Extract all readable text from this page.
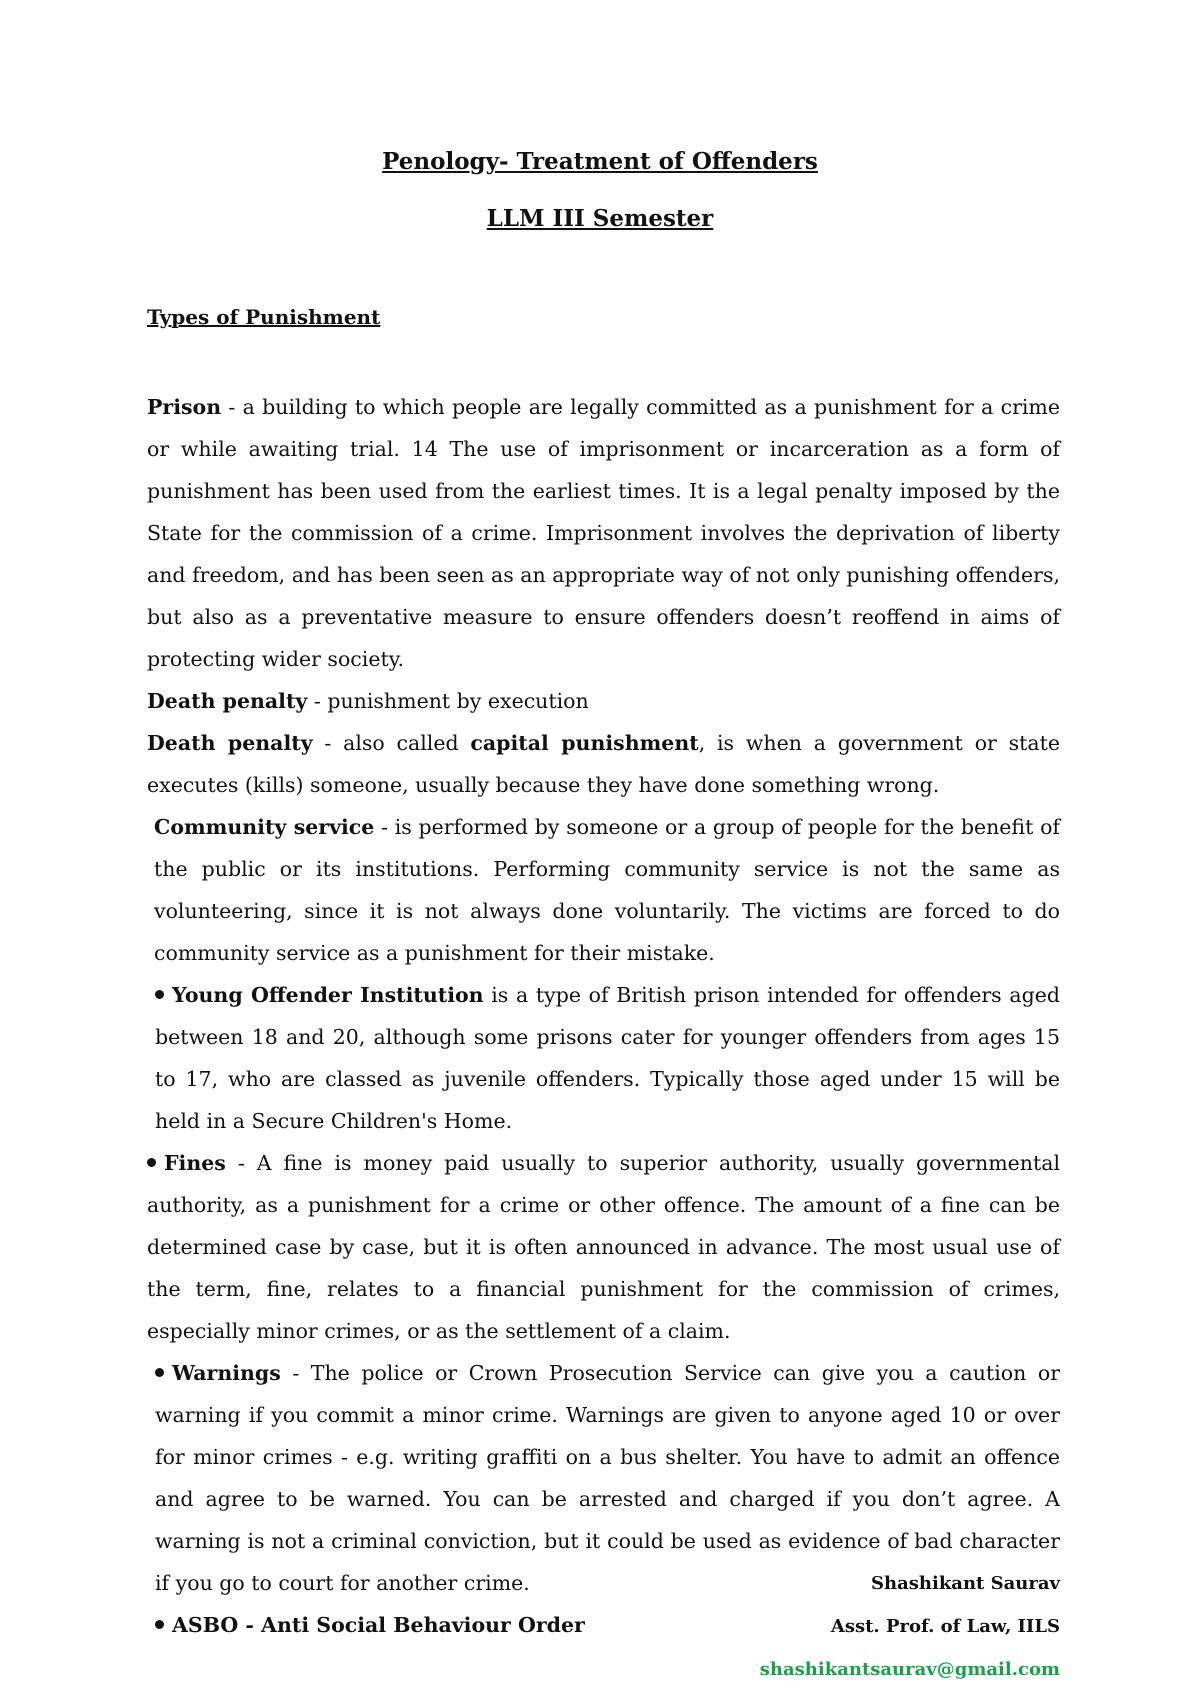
Penology- Treatment of Offenders
LLM III Semester
Types of Punishment

Prison - a building to which people are legally committed as a punishment for a crime or while awaiting trial. 14 The use of imprisonment or incarceration as a form of punishment has been used from the earliest times. It is a legal penalty imposed by the State for the commission of a crime. Imprisonment involves the deprivation of liberty and freedom, and has been seen as an appropriate way of not only punishing offenders, but also as a preventative measure to ensure offenders doesn’t reoffend in aims of protecting wider society.

Death penalty - punishment by execution

Death penalty - also called capital punishment, is when a government or state executes (kills) someone, usually because they have done something wrong.

Community service - is performed by someone or a group of people for the benefit of the public or its institutions. Performing community service is not the same as volunteering, since it is not always done voluntarily. The victims are forced to do community service as a punishment for their mistake.

Young Offender Institution is a type of British prison intended for offenders aged between 18 and 20, although some prisons cater for younger offenders from ages 15 to 17, who are classed as juvenile offenders. Typically those aged under 15 will be held in a Secure Children's Home.

Fines - A fine is money paid usually to superior authority, usually governmental authority, as a punishment for a crime or other offence. The amount of a fine can be determined case by case, but it is often announced in advance. The most usual use of the term, fine, relates to a financial punishment for the commission of crimes, especially minor crimes, or as the settlement of a claim.

Warnings - The police or Crown Prosecution Service can give you a caution or warning if you commit a minor crime. Warnings are given to anyone aged 10 or over for minor crimes - e.g. writing graffiti on a bus shelter. You have to admit an offence and agree to be warned. You can be arrested and charged if you don’t agree. A warning is not a criminal conviction, but it could be used as evidence of bad character if you go to court for another crime.

ASBO - Anti Social Behaviour Order

Shashikant Saurav

Asst. Prof. of Law, IILS

shashikantsaurav@gmail.com
